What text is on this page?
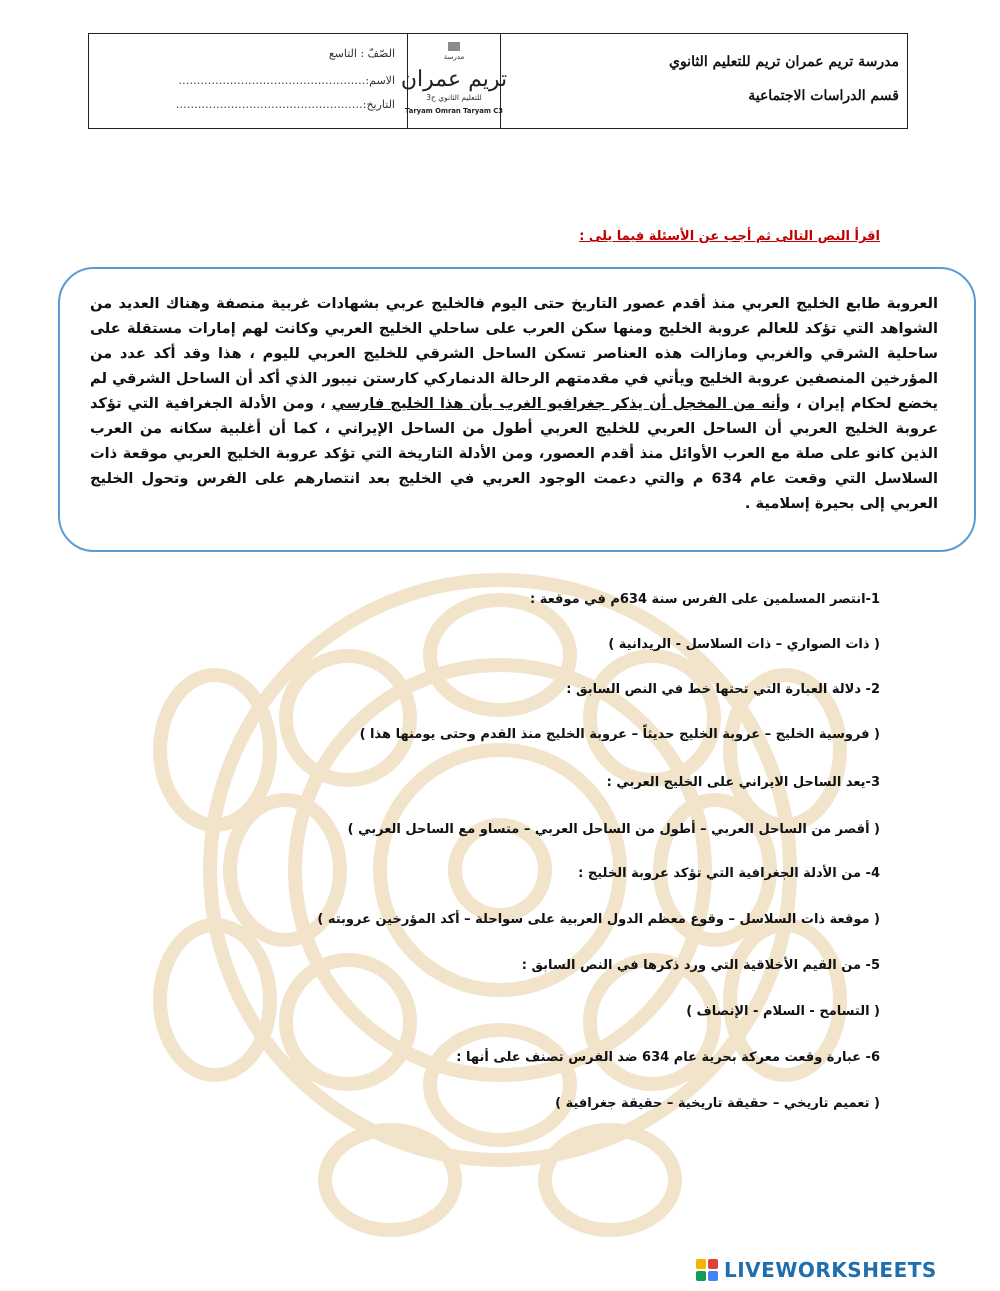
الصّفّ : التاسع
الاسم:……………………………………………
التاريخ:……………………………………………
مدرسة
تريم عمران
للتعليم الثانوي ح3
Taryam Omran Taryam C3
مدرسة تريم عمران تريم للتعليم الثانوي
قسم الدراسات الاجتماعية
اقرأ النص التالى ثم أجب عن الأسئلة فيما يلى :
العروبة طابع الخليج العربي منذ أقدم عصور التاريخ حتى اليوم فالخليج عربي بشهادات غربية منصفة وهناك العديد من الشواهد التي تؤكد للعالم عروبة الخليج ومنها سكن العرب على ساحلي الخليج العربي وكانت لهم إمارات مستقلة على ساحلية الشرقي والغربي ومازالت هذه العناصر تسكن الساحل الشرقي للخليج العربي لليوم ، هذا وقد أكد عدد من المؤرخين المنصفين عروبة الخليج ويأتي في مقدمتهم الرحالة الدنماركي كارستن نيبور الذي أكد أن الساحل الشرقي لم يخضع لحكام إيران ، وأنه من المخجل أن يذكر جغرافيو الغرب بأن هذا الخليج فارسي ، ومن الأدلة الجغرافية التي تؤكد عروبة الخليج العربي أن الساحل العربي للخليج العربي أطول من الساحل الإيراني ، كما أن أغلبية سكانه من العرب الذين كانو على صلة مع العرب الأوائل منذ أقدم العصور، ومن الأدلة التاريخة التي تؤكد عروبة الخليج العربي موقعة ذات السلاسل التي وقعت عام 634 م والتي دعمت الوجود العربي في الخليج بعد انتصارهم على الفرس وتحول الخليج العربي إلى بحيرة إسلامية .
1-انتصر المسلمين على الفرس سنة 634م في موقعة :
( ذات الصواري – ذات السلاسل - الريدانية )
2- دلالة العبارة التي تحتها خط في النص السابق :
( فروسية الخليج – عروبة الخليج حديثاً – عروبة الخليج منذ القدم وحتى يومنها هذا )
3-يعد الساحل الايراني على الخليج العربي :
( أقصر من الساحل العربي – أطول من الساحل العربي – متساو مع الساحل العربي )
4- من الأدلة الجغرافية التي تؤكد عروبة الخليج :
( موقعة ذات السلاسل – وقوع معظم الدول العربية على سواحلة – أكد المؤرخين عروبته )
5- من القيم الأخلاقية التي ورد ذكرها في النص السابق :
( التسامح - السلام - الإنصاف )
6- عبارة وقعت معركة بحرية عام 634 ضد الفرس تصنف على أنها :
( تعميم تاريخي – حقيقة تاريخية – حقيقة جغرافية )
LIVEWORKSHEETS
